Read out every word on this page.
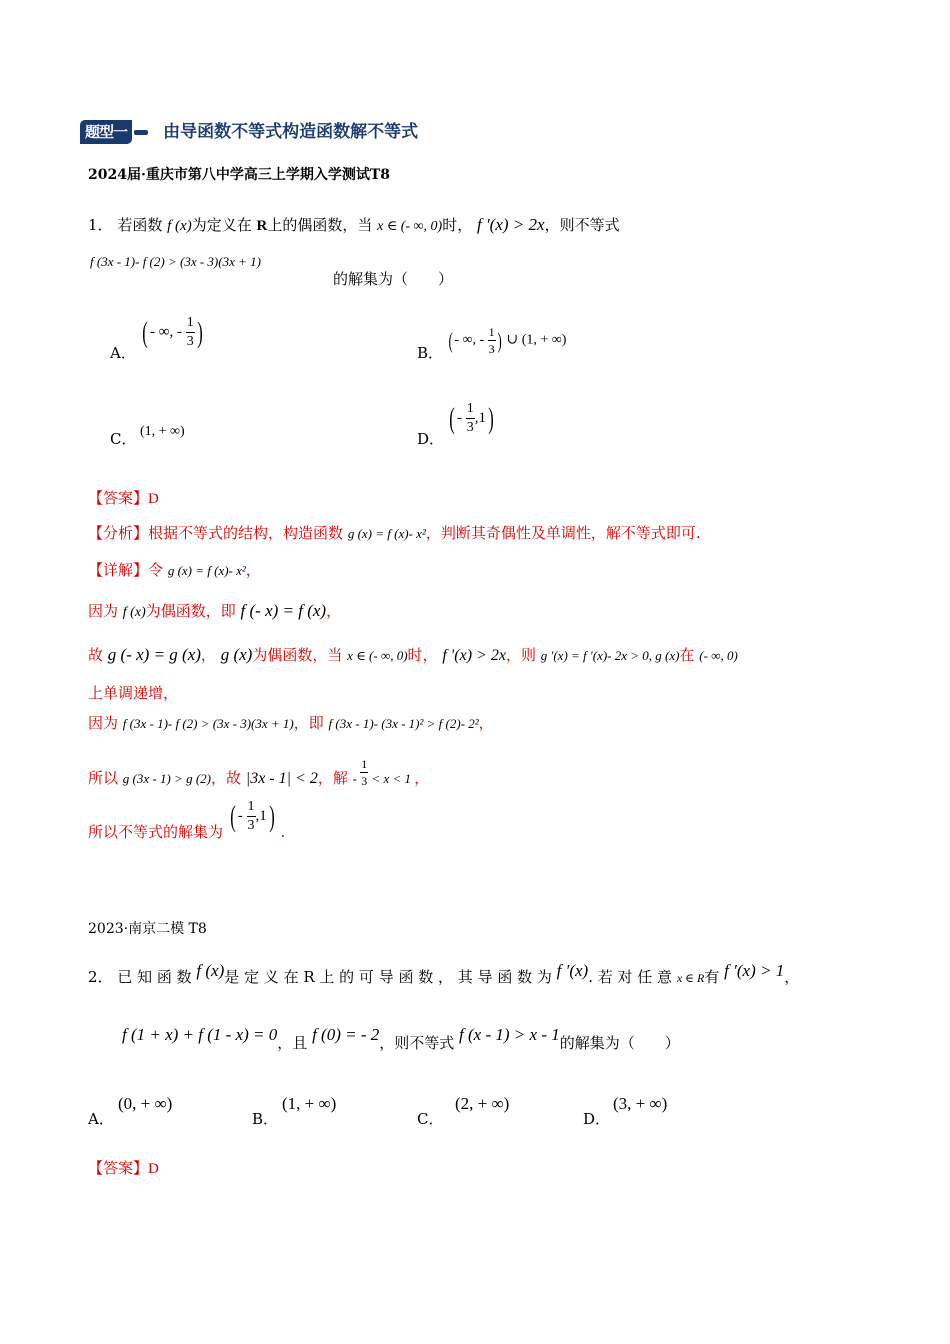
题型一 由导函数不等式构造函数解不等式
2024届·重庆市第八中学高三上学期入学测试T8
1． 若函数 f (x)为定义在 R上的偶函数，当 x ∈ (- ∞, 0)时， f ′(x) > 2x，则不等式
f (3x - 1)- f (2) > (3x - 3)(3x + 1)
的解集为（　　）
A．
( - ∞, - $\frac{1}{3}$ )
B．
( - ∞, - $\frac{1}{3}$ ) ∪ (1, + ∞)
C． (1, + ∞)	D．
( - $\frac{1}{3} ,1$)
【答案】D
【分析】根据不等式的结构，构造函数 g (x) = f (x)- x²，判断其奇偶性及单调性，解不等式即可.
【详解】令 g (x) = f (x)- x²，
因为 f (x)为偶函数，即 f (- x) = f (x)，
故 g (- x) = g (x)， g (x)为偶函数，当 x ∈ (- ∞, 0)时， f ′(x) > 2x，则 g ′(x) = f ′(x)- 2x > 0, g (x)在 (- ∞, 0)
上单调递增，
因为 f (3x - 1)- f (2) > (3x - 3)(3x + 1)，即 f (3x - 1)- (3x - 1)² > f (2)- 2²，
所以 g (3x - 1) > g (2)，故 |3x - 1| < 2，解 - $\frac{1}{3} < x < 1$ ，
所以不等式的解集为 ( - $\frac{1}{3} ,1$) .
2023·南京二模 T8
2． 已 知 函 数 f (x)是 定 义 在 R 上 的 可 导 函 数 ， 其 导 函 数 为 f ′(x). 若 对 任 意 x ∈ R有 f ′(x) > 1，
f (1 + x) + f (1 - x) = 0，且 f (0) = - 2，则不等式 f (x - 1) > x - 1的解集为（　　）
A．
(0, + ∞)
B．
(1, + ∞)
C．
(2, + ∞)
D．
(3, + ∞)
【答案】D
